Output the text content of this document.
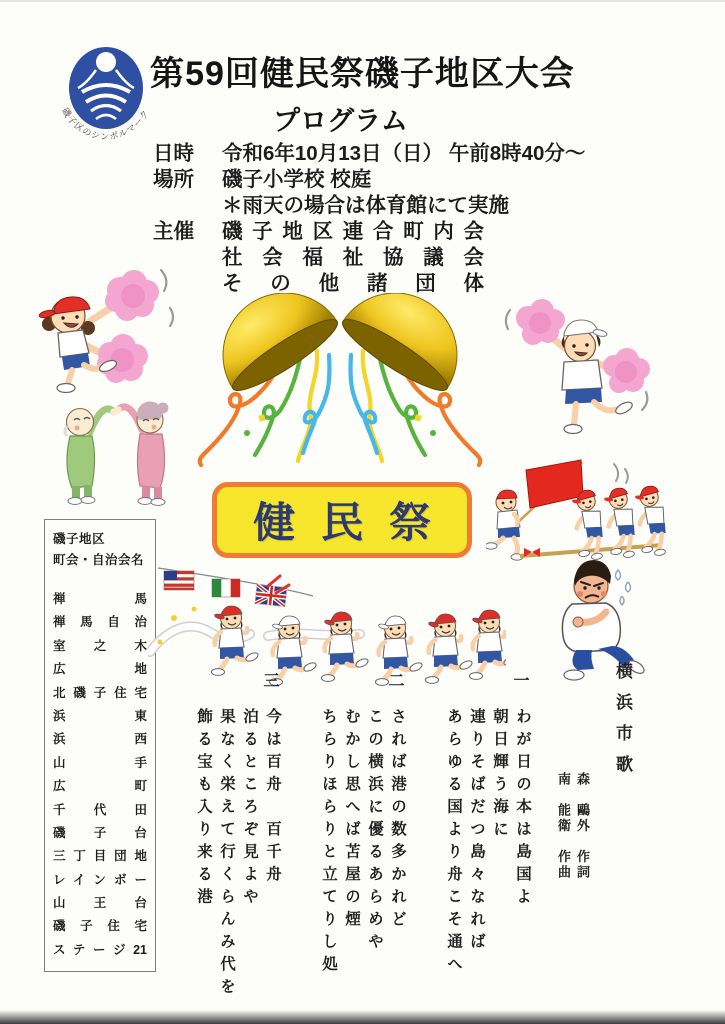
磯子区のシンボルマーク
第59回健民祭磯子地区大会
プログラム
日時 令和6年10月13日（日） 午前8時40分～
場所 磯子小学校 校庭
＊雨天の場合は体育館にて実施
主催 磯子地区連合町内会
社会福祉協議会
その他諸団体
健民祭
磯子地区
町会・自治会名
禅馬
禅馬自治
室之木
広地
北磯子住宅
浜東
浜西
山手
広町
千代田
磯子台
三丁目団地
レインボー
山王台
磯子住宅
ステージ21
横浜市歌
森　鷗外　作詞
南　能衛　作曲
一
わが日の本は島国よ
朝日輝う海に
連りそばだつ島々なれば
あらゆる国より舟こそ通へ
二
されば港の数多かれど
この横浜に優るあらめや
むかし思へば苫屋の煙
ちらりほらりと立てりし処
三
今は百舟　百千舟
泊るところぞ見よや
果なく栄えて行くらんみ代を
飾る宝も入り来る港
